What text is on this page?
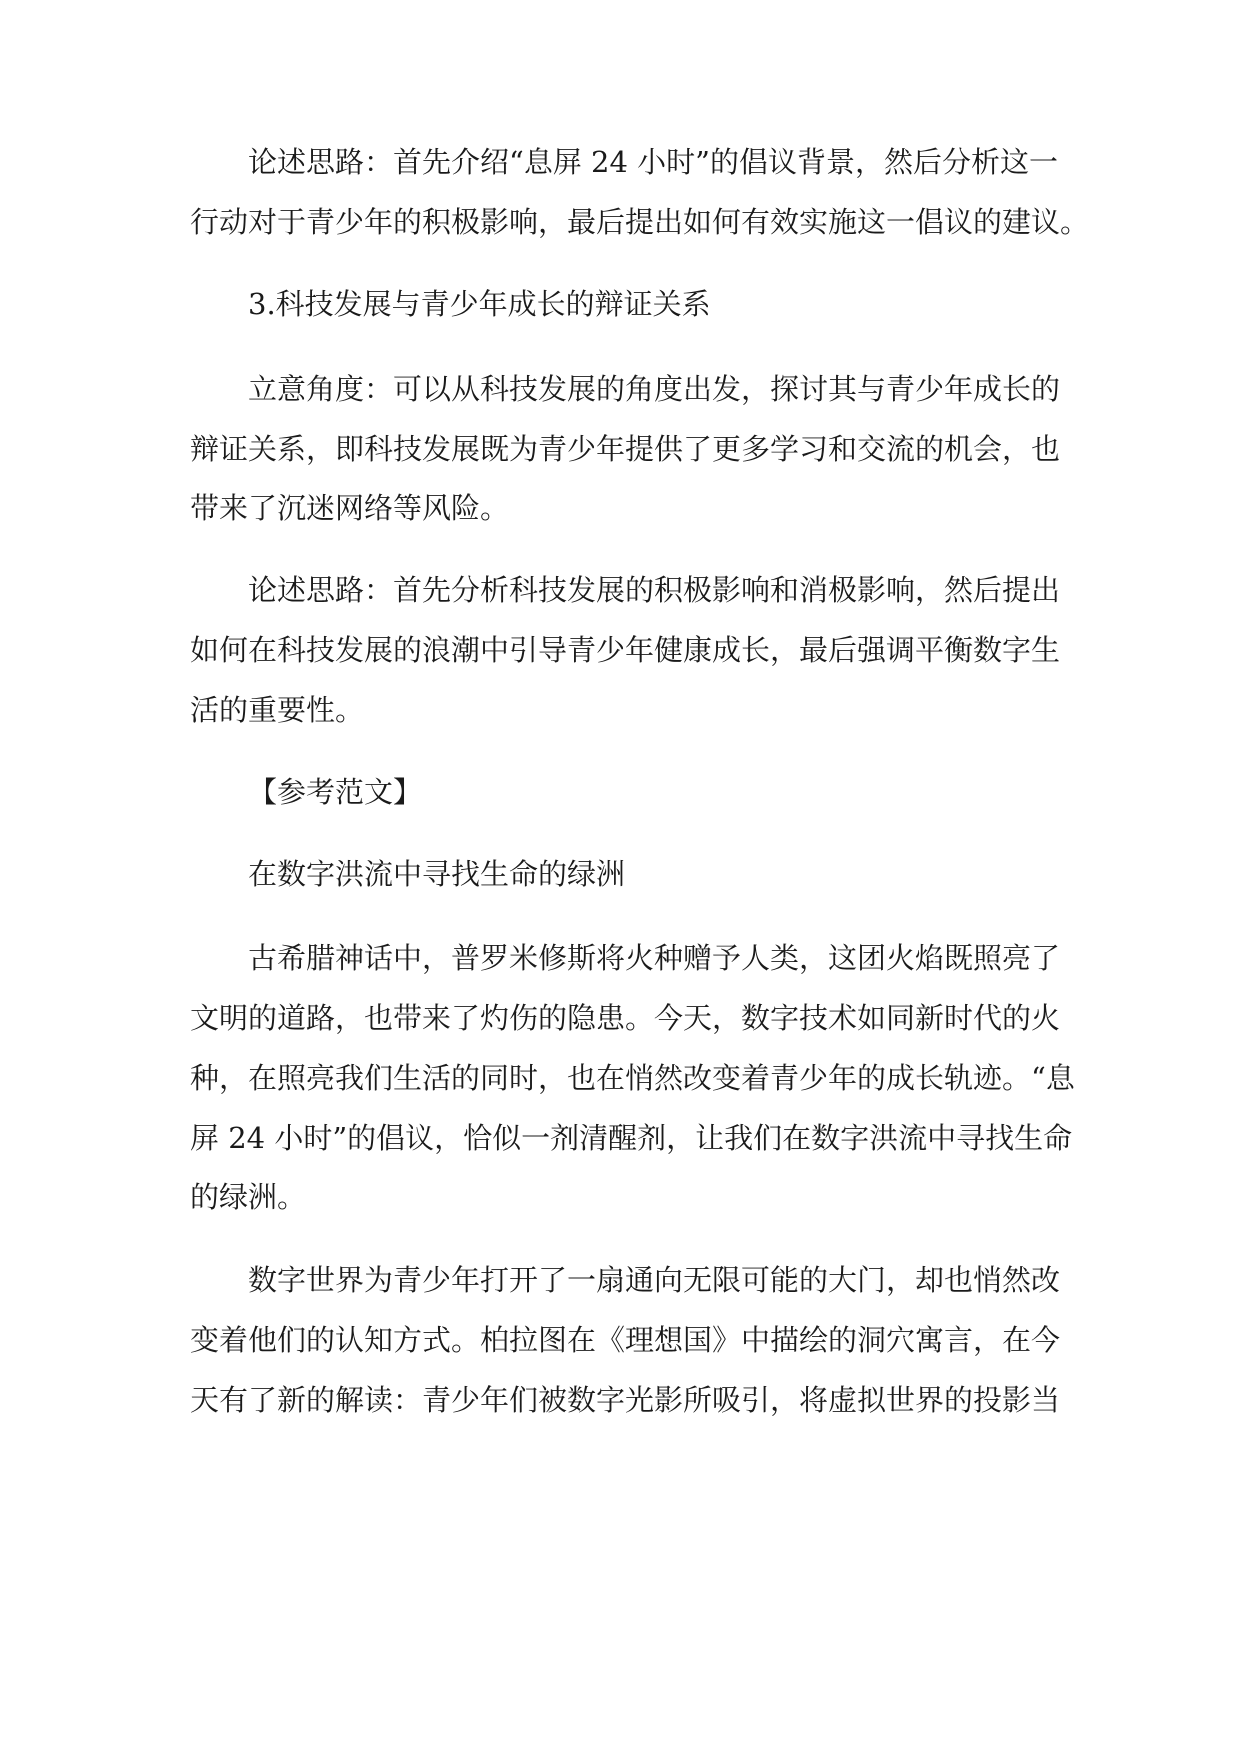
论述思路：首先介绍“息屏 24 小时”的倡议背景，然后分析这一
行动对于青少年的积极影响，最后提出如何有效实施这一倡议的建议。
3.科技发展与青少年成长的辩证关系
立意角度：可以从科技发展的角度出发，探讨其与青少年成长的
辩证关系，即科技发展既为青少年提供了更多学习和交流的机会，也
带来了沉迷网络等风险。
论述思路：首先分析科技发展的积极影响和消极影响，然后提出
如何在科技发展的浪潮中引导青少年健康成长，最后强调平衡数字生
活的重要性。
【参考范文】
在数字洪流中寻找生命的绿洲
古希腊神话中，普罗米修斯将火种赠予人类，这团火焰既照亮了
文明的道路，也带来了灼伤的隐患。今天，数字技术如同新时代的火
种，在照亮我们生活的同时，也在悄然改变着青少年的成长轨迹。“息
屏 24 小时”的倡议，恰似一剂清醒剂，让我们在数字洪流中寻找生命
的绿洲。
数字世界为青少年打开了一扇通向无限可能的大门，却也悄然改
变着他们的认知方式。柏拉图在《理想国》中描绘的洞穴寓言，在今
天有了新的解读：青少年们被数字光影所吸引，将虚拟世界的投影当
